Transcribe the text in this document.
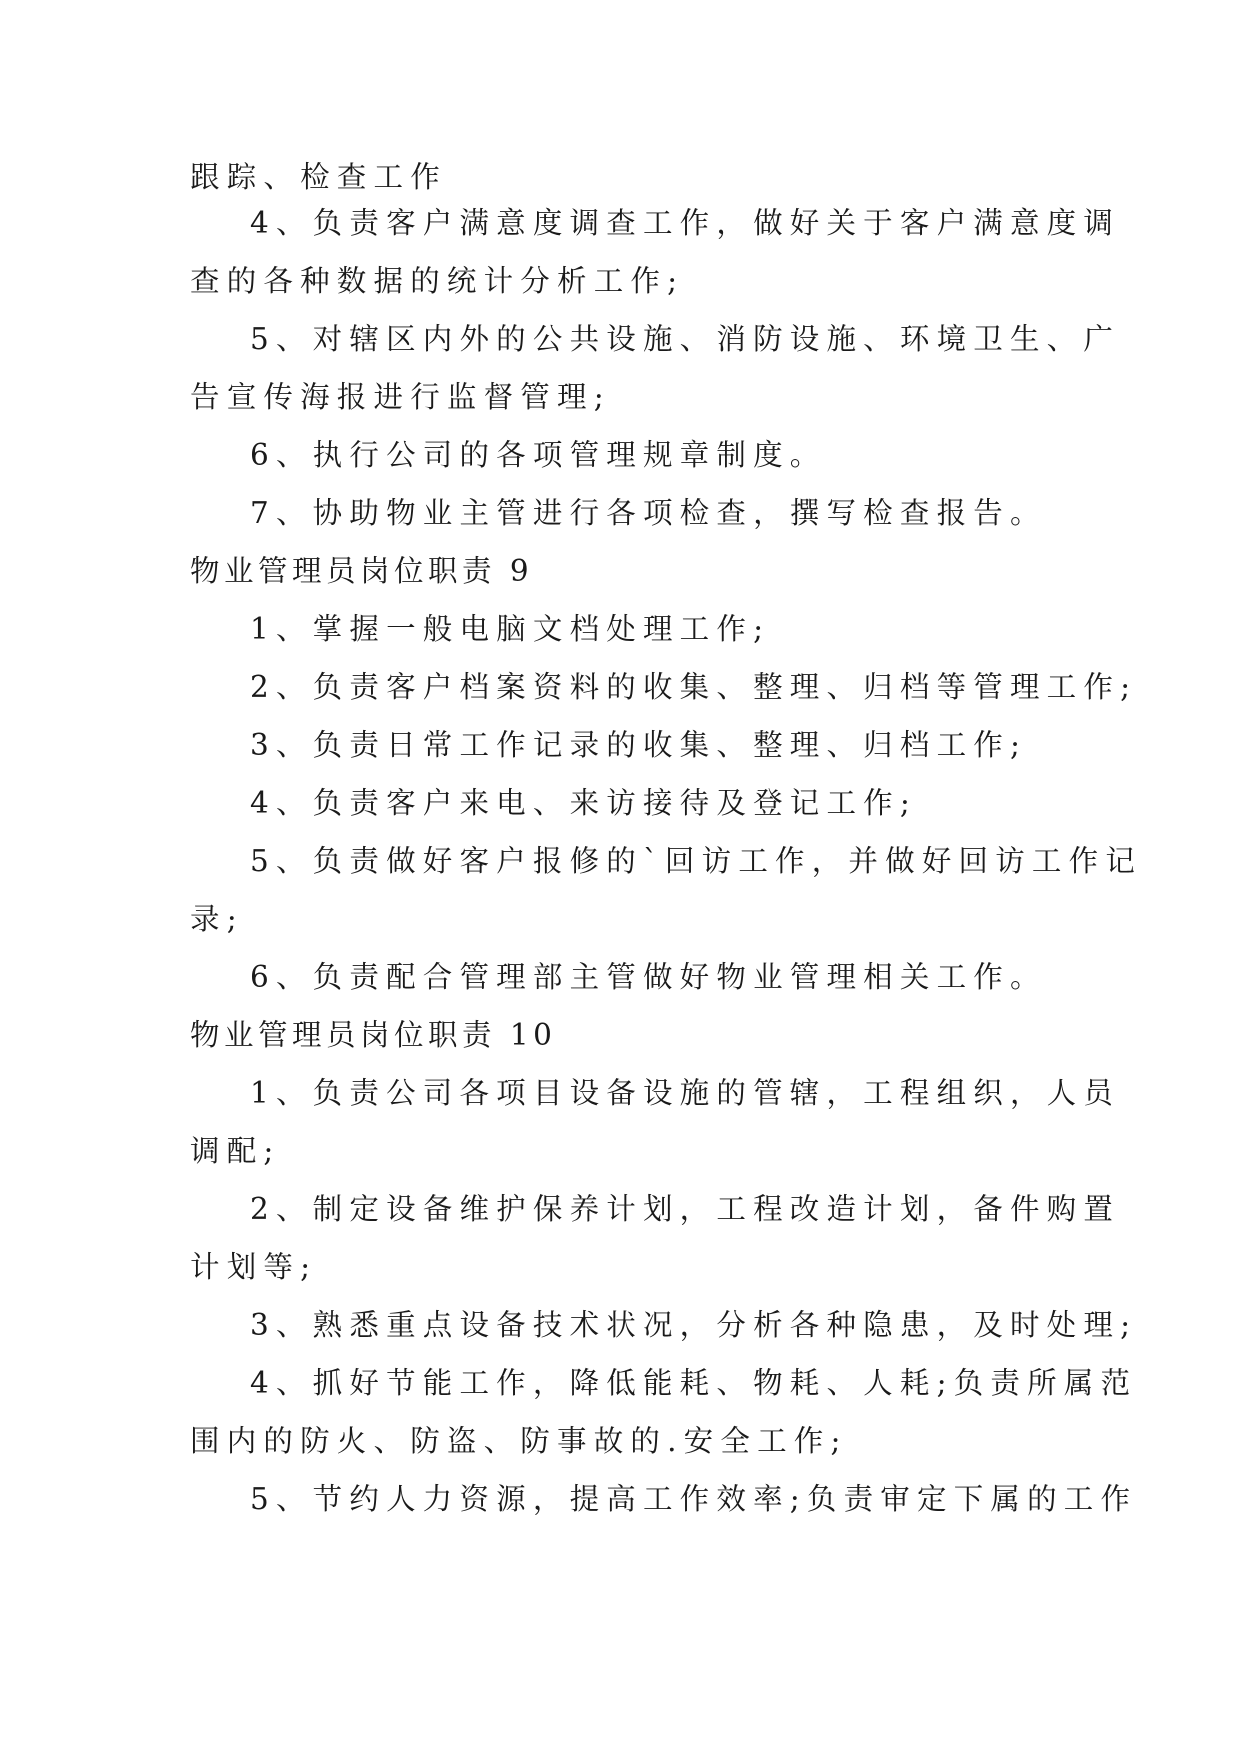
跟踪、检查工作
4、负责客户满意度调查工作，做好关于客户满意度调
查的各种数据的统计分析工作;
5、对辖区内外的公共设施、消防设施、环境卫生、广
告宣传海报进行监督管理;
6、执行公司的各项管理规章制度。
7、协助物业主管进行各项检查，撰写检查报告。
物业管理员岗位职责 9
1、掌握一般电脑文档处理工作;
2、负责客户档案资料的收集、整理、归档等管理工作;
3、负责日常工作记录的收集、整理、归档工作;
4、负责客户来电、来访接待及登记工作;
5、负责做好客户报修的`回访工作，并做好回访工作记
录;
6、负责配合管理部主管做好物业管理相关工作。
物业管理员岗位职责 10
1、负责公司各项目设备设施的管辖，工程组织，人员
调配;
2、制定设备维护保养计划，工程改造计划，备件购置
计划等;
3、熟悉重点设备技术状况，分析各种隐患，及时处理;
4、抓好节能工作，降低能耗、物耗、人耗;负责所属范
围内的防火、防盗、防事故的.安全工作;
5、节约人力资源，提高工作效率;负责审定下属的工作
